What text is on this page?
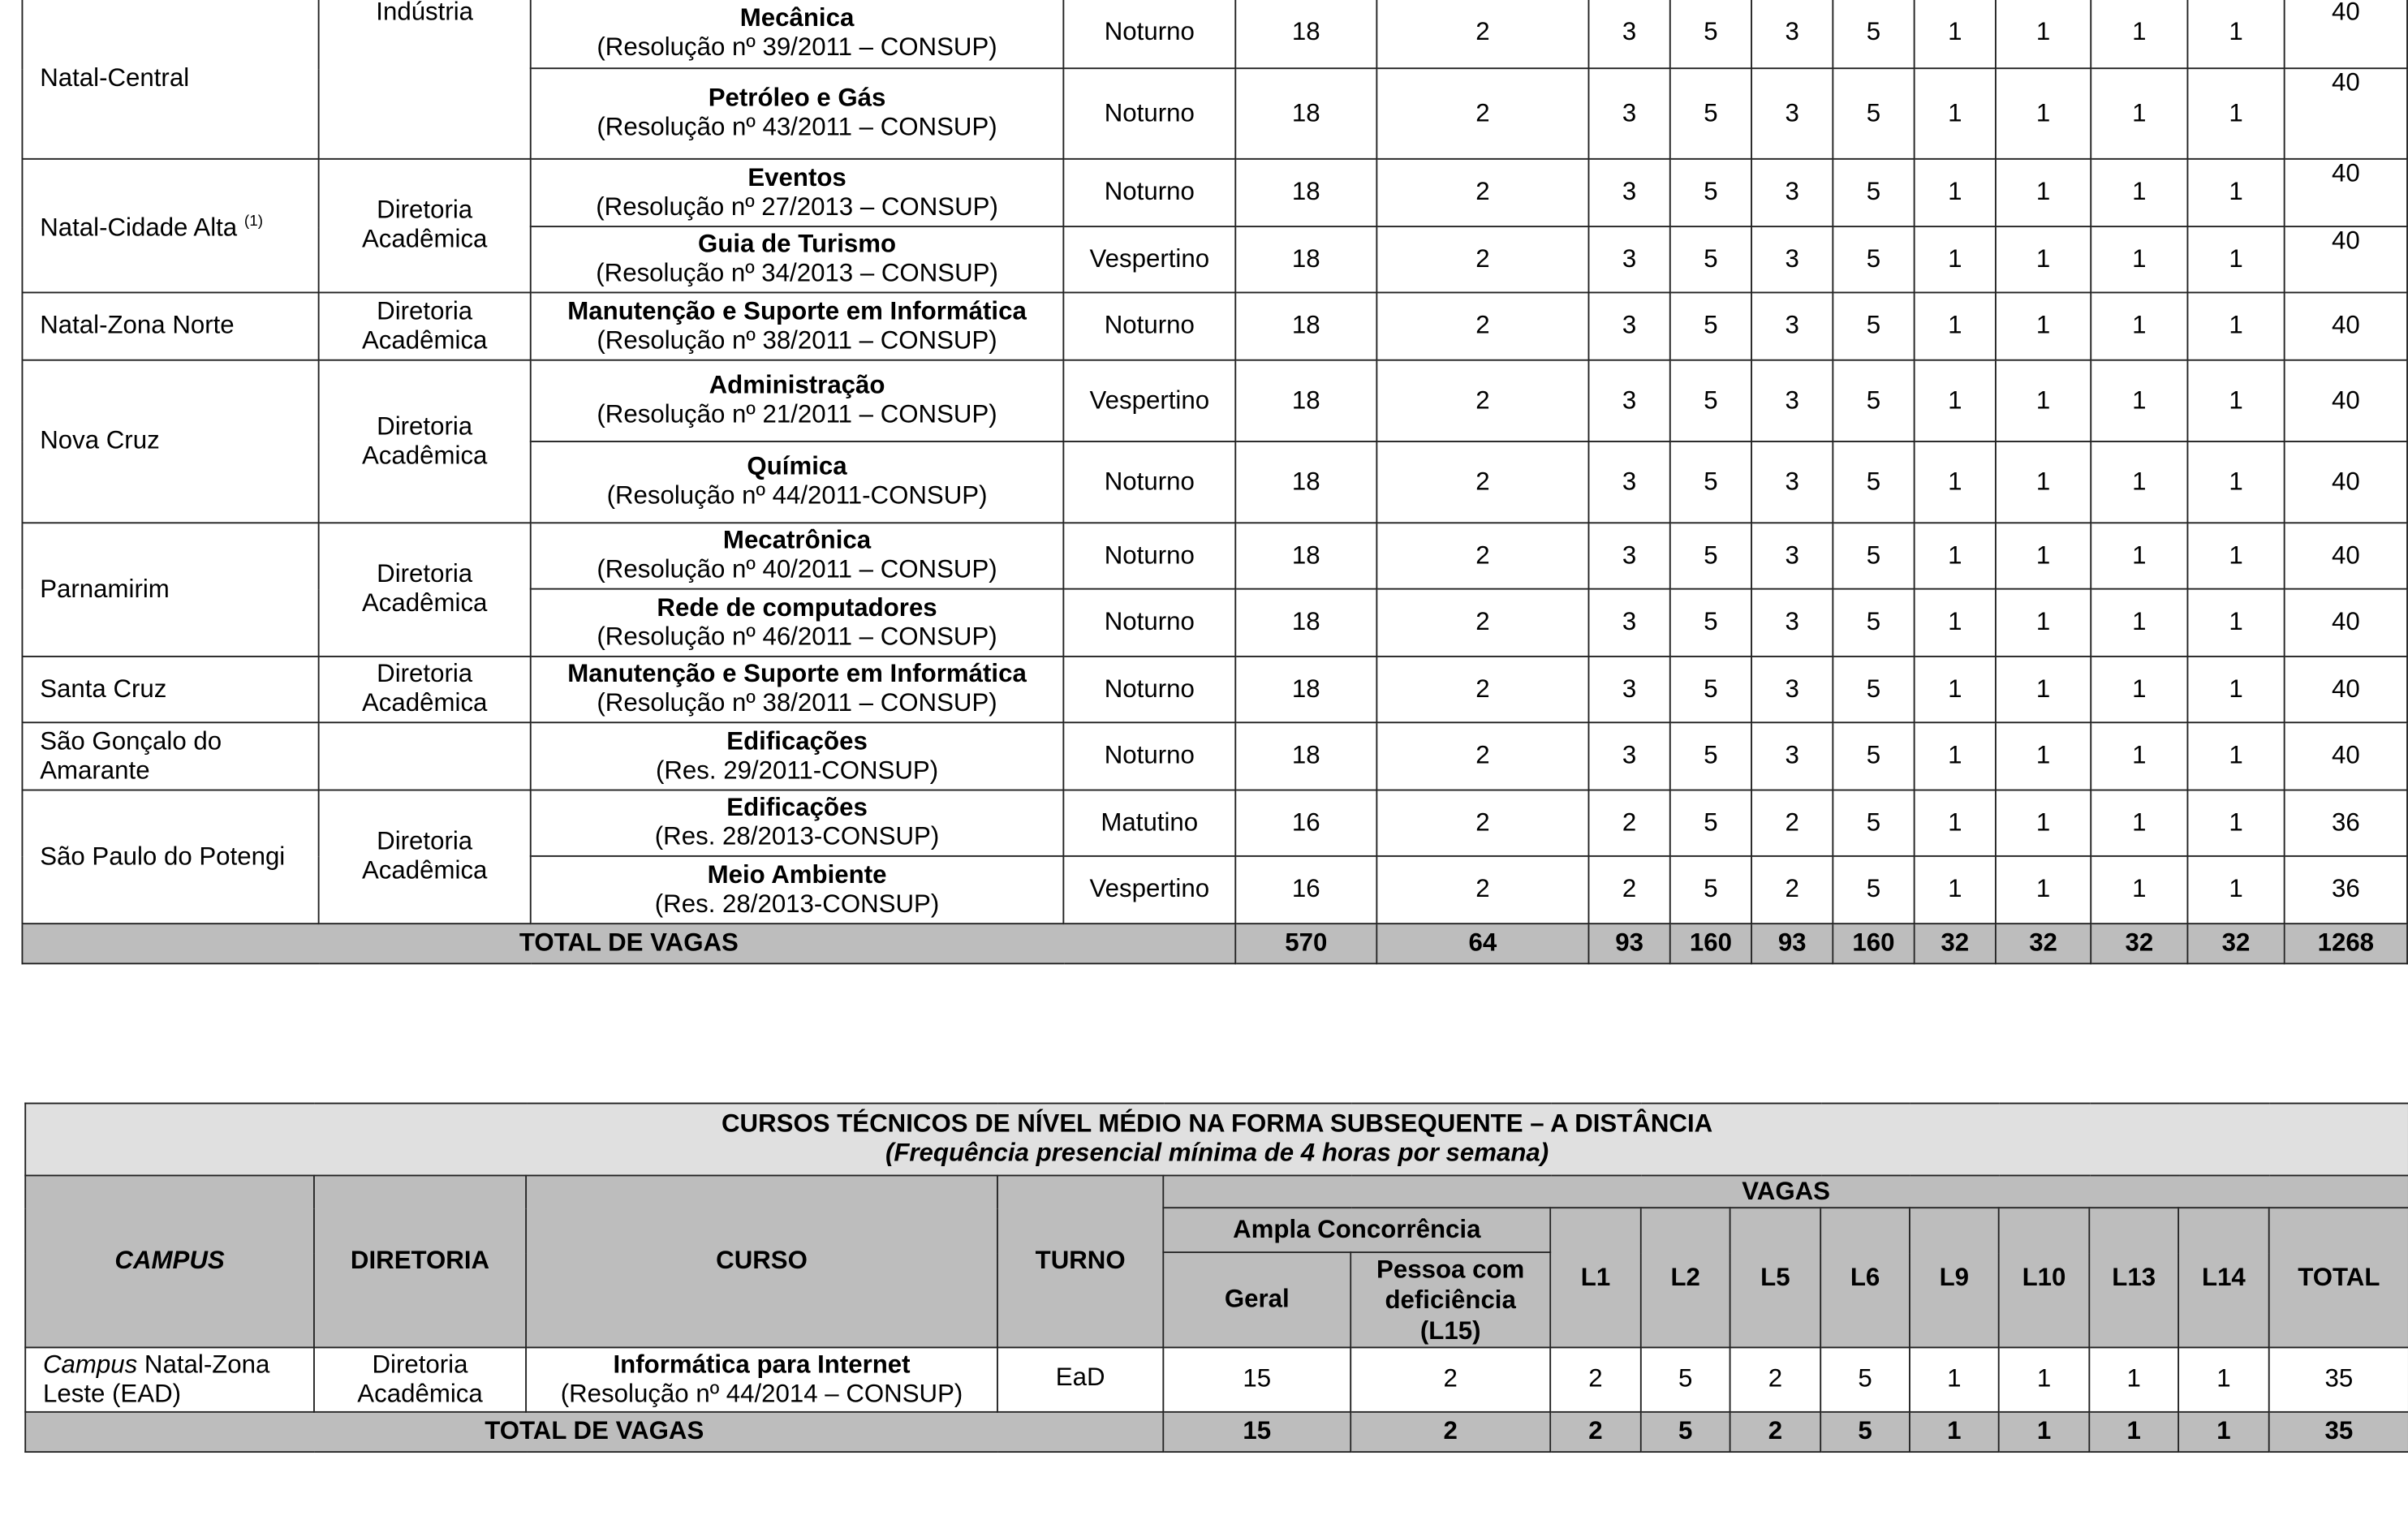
Natal-Central	Indústria	Mecânica
(Resolução nº 39/2011 – CONSUP)	Noturno	18	2	3	5	3	5	1	1	1	1	40

		Petróleo e Gás
(Resolução nº 43/2011 – CONSUP)	Noturno	18	2	3	5	3	5	1	1	1	1	40
Natal-Cidade Alta $^{(1)}$	Diretoria Acadêmica	Eventos
(Resolução nº 27/2013 – CONSUP)	Noturno	18	2	3	5	3	5	1	1	1	1	40

		Guia de Turismo
(Resolução nº 34/2013 – CONSUP)	Vespertino	18	2	3	5	3	5	1	1	1	1	40
Natal-Zona Norte	Diretoria Acadêmica	Manutenção e Suporte em Informática
(Resolução nº 38/2011 – CONSUP)	Noturno	18	2	3	5	3	5	1	1	1	1	40
Nova Cruz	Diretoria Acadêmica	Administração
(Resolução nº 21/2011 – CONSUP)	Vespertino	18	2	3	5	3	5	1	1	1	1	40

		Química
(Resolução nº 44/2011-CONSUP)	Noturno	18	2	3	5	3	5	1	1	1	1	40
Parnamirim	Diretoria Acadêmica	Mecatrônica
(Resolução nº 40/2011 – CONSUP)	Noturno	18	2	3	5	3	5	1	1	1	1	40

		Rede de computadores
(Resolução nº 46/2011 – CONSUP)	Noturno	18	2	3	5	3	5	1	1	1	1	40
Santa Cruz	Diretoria Acadêmica	Manutenção e Suporte em Informática
(Resolução nº 38/2011 – CONSUP)	Noturno	18	2	3	5	3	5	1	1	1	1	40
São Gonçalo do Amarante		Edificações
(Res. 29/2011-CONSUP)	Noturno	18	2	3	5	3	5	1	1	1	1	40
São Paulo do Potengi	Diretoria Acadêmica	Edificações
(Res. 28/2013-CONSUP)	Matutino	16	2	2	5	2	5	1	1	1	1	36

		Meio Ambiente
(Res. 28/2013-CONSUP)	Vespertino	16	2	2	5	2	5	1	1	1	1	36
TOTAL DE VAGAS				570	64	93	160	93	160	32	32	32	32	1268
CURSOS TÉCNICOS DE NÍVEL MÉDIO NA FORMA SUBSEQUENTE – A DISTÂNCIA
(Frequência presencial mínima de 4 horas por semana)														
CAMPUS	DIRETORIA	CURSO	TURNO	VAGAS										
				Ampla Concorrência		L1	L2	L5	L6	L9	L10	L13	L14	TOTAL
				Geral	Pessoa com deficiência (L15)									
Campus Natal-Zona Leste (EAD)	Diretoria Acadêmica	Informática para Internet
(Resolução nº 44/2014 – CONSUP)	EaD	15	2	2	5	2	5	1	1	1	1	35
TOTAL DE VAGAS				15	2	2	5	2	5	1	1	1	1	35
